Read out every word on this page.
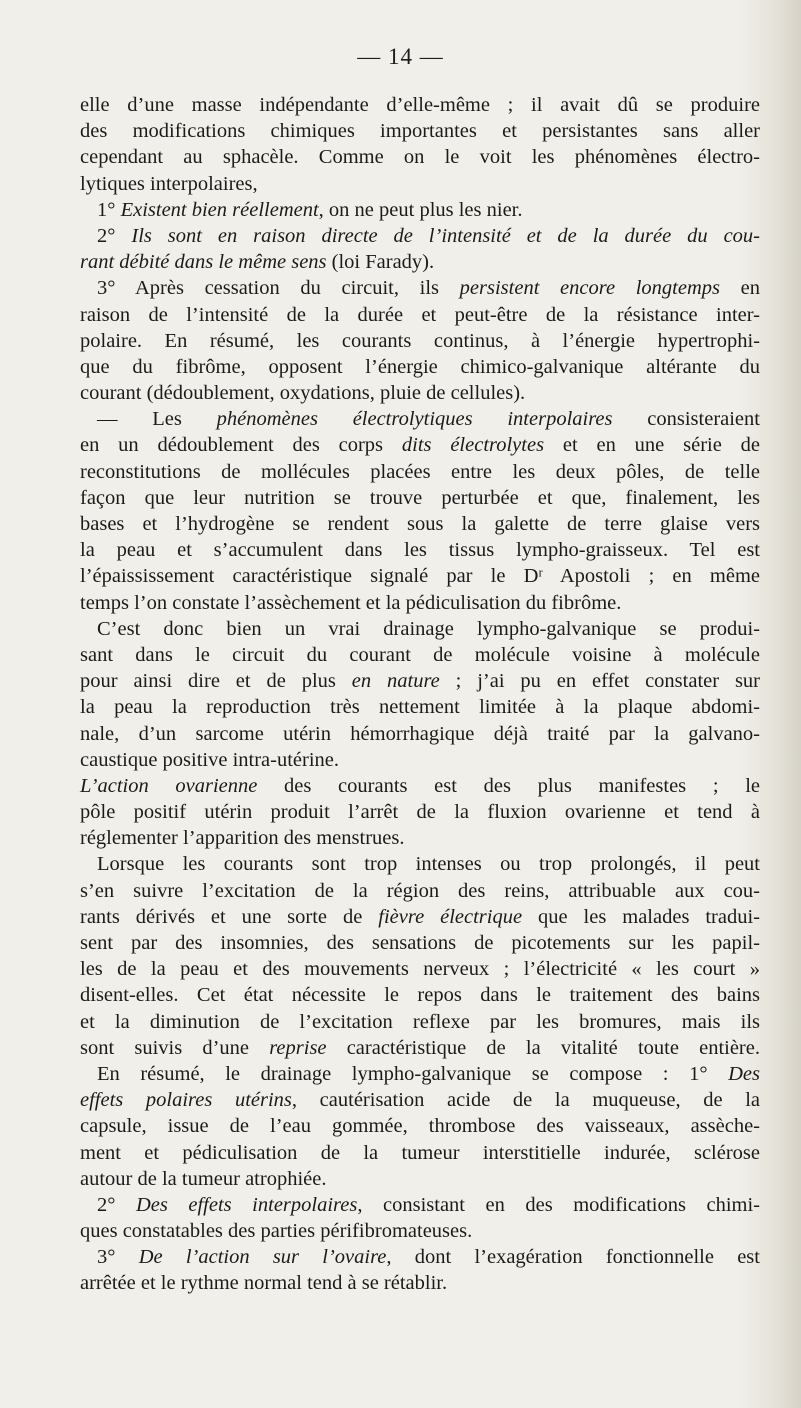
— 14 —
elle d’une masse indépendante d’elle-même ; il avait dû se produire
des modifications chimiques importantes et persistantes sans aller
cependant au sphacèle. Comme on le voit les phénomènes électro-
lytiques interpolaires,
1° Existent bien réellement, on ne peut plus les nier.
2° Ils sont en raison directe de l’intensité et de la durée du cou-
rant débité dans le même sens (loi Farady).
3° Après cessation du circuit, ils persistent encore longtemps en
raison de l’intensité de la durée et peut-être de la résistance inter-
polaire. En résumé, les courants continus, à l’énergie hypertrophi-
que du fibrôme, opposent l’énergie chimico-galvanique altérante du
courant (dédoublement, oxydations, pluie de cellules).
— Les phénomènes électrolytiques interpolaires consisteraient
en un dédoublement des corps dits électrolytes et en une série de
reconstitutions de mollécules placées entre les deux pôles, de telle
façon que leur nutrition se trouve perturbée et que, finalement, les
bases et l’hydrogène se rendent sous la galette de terre glaise vers
la peau et s’accumulent dans les tissus lympho-graisseux. Tel est
l’épaississement caractéristique signalé par le Dʳ Apostoli ; en même
temps l’on constate l’assèchement et la pédiculisation du fibrôme.
C’est donc bien un vrai drainage lympho-galvanique se produi-
sant dans le circuit du courant de molécule voisine à molécule
pour ainsi dire et de plus en nature ; j’ai pu en effet constater sur
la peau la reproduction très nettement limitée à la plaque abdomi-
nale, d’un sarcome utérin hémorrhagique déjà traité par la galvano-
caustique positive intra-utérine.
L’action ovarienne des courants est des plus manifestes ; le
pôle positif utérin produit l’arrêt de la fluxion ovarienne et tend à
réglementer l’apparition des menstrues.
Lorsque les courants sont trop intenses ou trop prolongés, il peut
s’en suivre l’excitation de la région des reins, attribuable aux cou-
rants dérivés et une sorte de fièvre électrique que les malades tradui-
sent par des insomnies, des sensations de picotements sur les papil-
les de la peau et des mouvements nerveux ; l’électricité « les court »
disent-elles. Cet état nécessite le repos dans le traitement des bains
et la diminution de l’excitation reflexe par les bromures, mais ils
sont suivis d’une reprise caractéristique de la vitalité toute entière.
En résumé, le drainage lympho-galvanique se compose : 1° Des
effets polaires utérins, cautérisation acide de la muqueuse, de la
capsule, issue de l’eau gommée, thrombose des vaisseaux, assèche-
ment et pédiculisation de la tumeur interstitielle indurée, sclérose
autour de la tumeur atrophiée.
2° Des effets interpolaires, consistant en des modifications chimi-
ques constatables des parties périfibromateuses.
3° De l’action sur l’ovaire, dont l’exagération fonctionnelle est
arrêtée et le rythme normal tend à se rétablir.
